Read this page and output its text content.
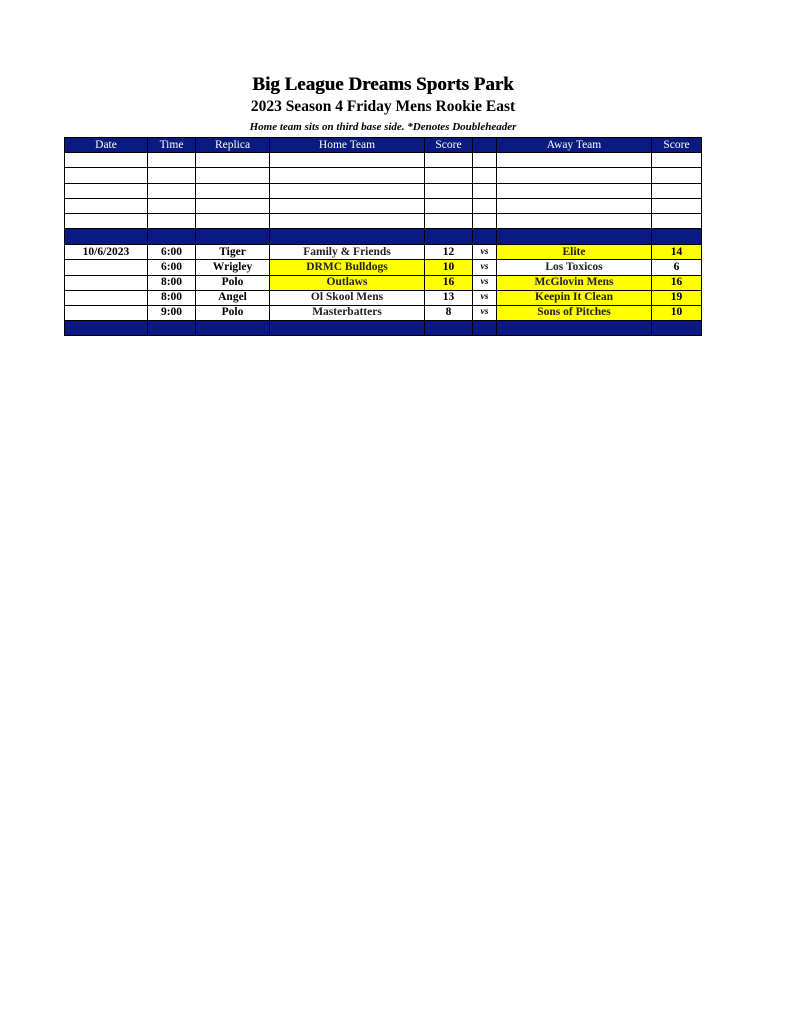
Big League Dreams Sports Park
2023 Season 4 Friday Mens Rookie East
Home team sits on third base side. *Denotes Doubleheader
Date	Time	Replica	Home Team	Score		Away Team	Score

10/6/2023	6:00	Tiger	Family & Friends	12	vs	Elite	14
	6:00	Wrigley	DRMC Bulldogs	10	vs	Los Toxicos	6
	8:00	Polo	Outlaws	16	vs	McGlovin Mens	16
	8:00	Angel	Ol Skool Mens	13	vs	Keepin It Clean	19
	9:00	Polo	Masterbatters	8	vs	Sons of Pitches	10
